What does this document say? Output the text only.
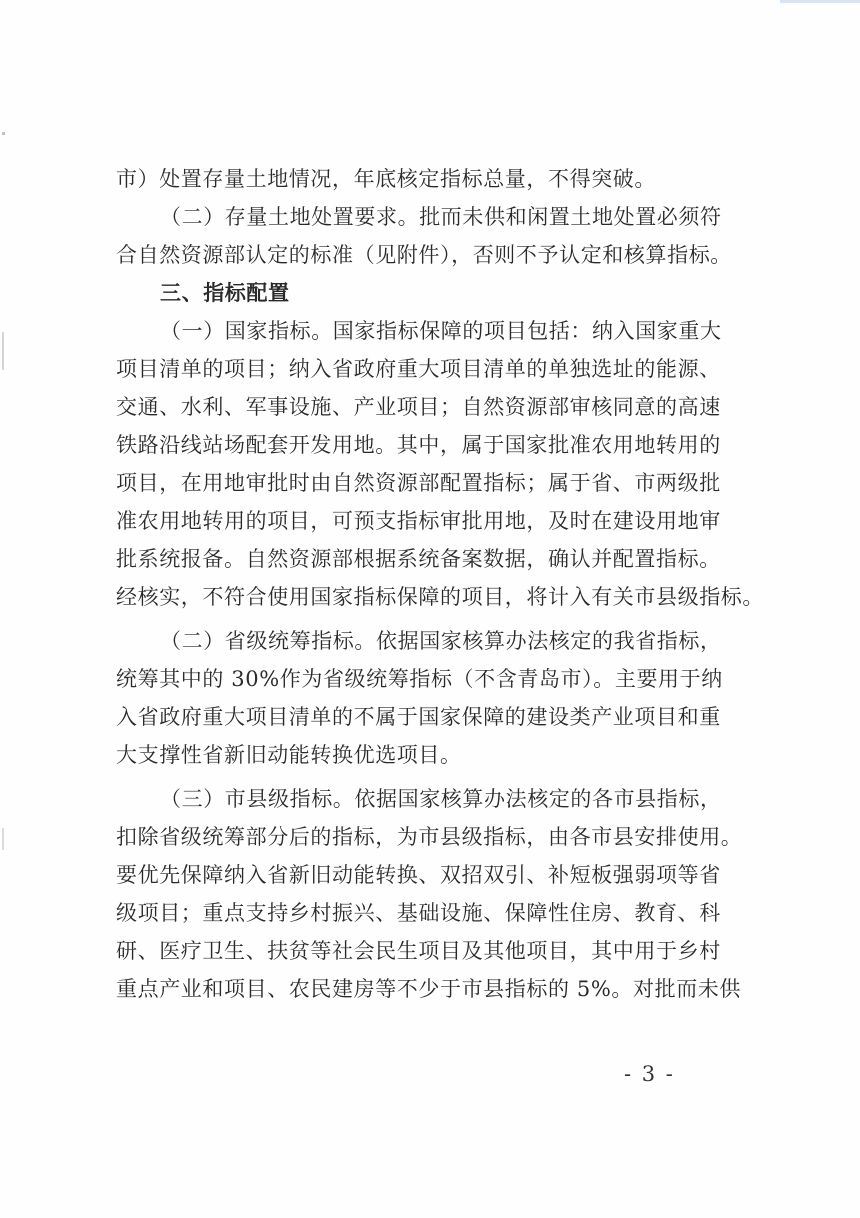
市）处置存量土地情况，年底核定指标总量，不得突破。
（二）存量土地处置要求。批而未供和闲置土地处置必须符
合自然资源部认定的标准（见附件），否则不予认定和核算指标。
三、指标配置
（一）国家指标。国家指标保障的项目包括：纳入国家重大
项目清单的项目；纳入省政府重大项目清单的单独选址的能源、
交通、水利、军事设施、产业项目；自然资源部审核同意的高速
铁路沿线站场配套开发用地。其中，属于国家批准农用地转用的
项目，在用地审批时由自然资源部配置指标；属于省、市两级批
准农用地转用的项目，可预支指标审批用地，及时在建设用地审
批系统报备。自然资源部根据系统备案数据，确认并配置指标。
经核实，不符合使用国家指标保障的项目，将计入有关市县级指标。
（二）省级统筹指标。依据国家核算办法核定的我省指标，
统筹其中的 30%作为省级统筹指标（不含青岛市）。主要用于纳
入省政府重大项目清单的不属于国家保障的建设类产业项目和重
大支撑性省新旧动能转换优选项目。
（三）市县级指标。依据国家核算办法核定的各市县指标，
扣除省级统筹部分后的指标，为市县级指标，由各市县安排使用。
要优先保障纳入省新旧动能转换、双招双引、补短板强弱项等省
级项目；重点支持乡村振兴、基础设施、保障性住房、教育、科
研、医疗卫生、扶贫等社会民生项目及其他项目，其中用于乡村
重点产业和项目、农民建房等不少于市县指标的 5%。对批而未供
- 3 -
